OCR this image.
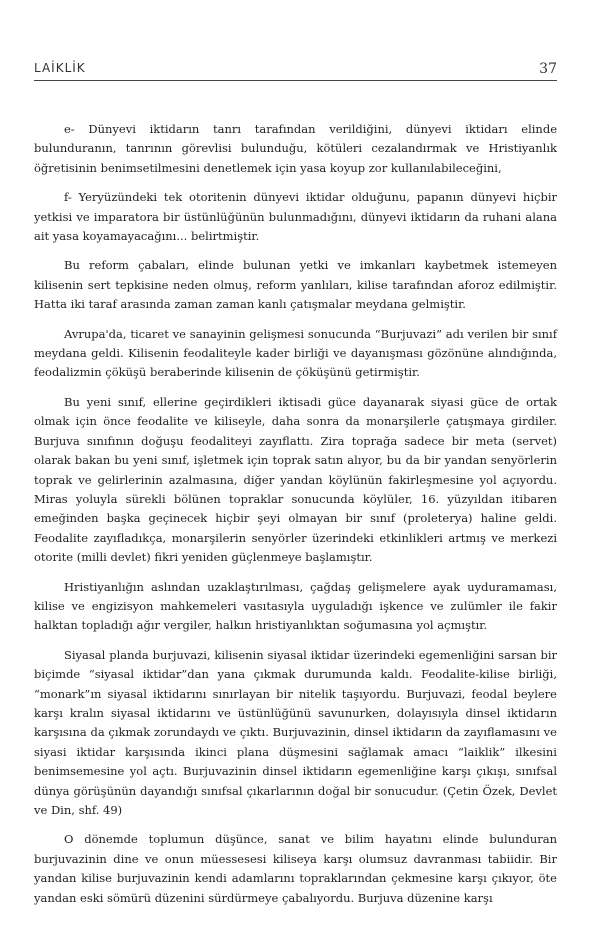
LAİKLİK	37

e- Dünyevi iktidarın tanrı tarafından verildiğini, dünyevi iktidarı elinde bulunduranın, tanrının görevlisi bulunduğu, kötüleri cezalandırmak ve Hristiyanlık öğretisinin benimsetilmesini denetlemek için yasa koyup zor kullanılabileceğini,

f- Yeryüzündeki tek otoritenin dünyevi iktidar olduğunu, papanın dünyevi hiçbir yetkisi ve imparatora bir üstünlüğünün bulunmadığını, dünyevi iktidarın da ruhani alana ait yasa koyamayacağını... belirtmiştir.

Bu reform çabaları, elinde bulunan yetki ve imkanları kaybetmek istemeyen kilisenin sert tepkisine neden olmuş, reform yanlıları, kilise tarafından aforoz edilmiştir. Hatta iki taraf arasında zaman zaman kanlı çatışmalar meydana gelmiştir.

Avrupa'da, ticaret ve sanayinin gelişmesi sonucunda “Burjuvazi” adı verilen bir sınıf meydana geldi. Kilisenin feodaliteyle kader birliği ve dayanışması gözönüne alındığında, feodalizmin çöküşü beraberinde kilisenin de çöküşünü getirmiştir.

Bu yeni sınıf, ellerine geçirdikleri iktisadi güce dayanarak siyasi güce de ortak olmak için önce feodalite ve kiliseyle, daha sonra da monarşilerle çatışmaya girdiler. Burjuva sınıfının doğuşu feodaliteyi zayıflattı. Zira toprağa sadece bir meta (servet) olarak bakan bu yeni sınıf, işletmek için toprak satın alıyor, bu da bir yandan senyörlerin toprak ve gelirlerinin azalmasına, diğer yandan köylünün fakirleşmesine yol açıyordu. Miras yoluyla sürekli bölünen topraklar sonucunda köylüler, 16. yüzyıldan itibaren emeğinden başka geçinecek hiçbir şeyi olmayan bir sınıf (proleterya) haline geldi. Feodalite zayıfladıkça, monarşilerin senyörler üzerindeki etkinlikleri artmış ve merkezi otorite (milli devlet) fikri yeniden güçlenmeye başlamıştır.

Hristiyanlığın aslından uzaklaştırılması, çağdaş gelişmelere ayak uyduramaması, kilise ve engizisyon mahkemeleri vasıtasıyla uyguladığı işkence ve zulümler ile fakir halktan topladığı ağır vergiler, halkın hristiyanlıktan soğumasına yol açmıştır.

Siyasal planda burjuvazi, kilisenin siyasal iktidar üzerindeki egemenliğini sarsan bir biçimde “siyasal iktidar”dan yana çıkmak durumunda kaldı. Feodalite-kilise birliği, “monark”ın siyasal iktidarını sınırlayan bir nitelik taşıyordu. Burjuvazi, feodal beylere karşı kralın siyasal iktidarını ve üstünlüğünü savunurken, dolayısıyla dinsel iktidarın karşısına da çıkmak zorundaydı ve çıktı. Burjuvazinin, dinsel iktidarın da zayıflamasını ve siyasi iktidar karşısında ikinci plana düşmesini sağlamak amacı “laiklik” ilkesini benimsemesine yol açtı. Burjuvazinin dinsel iktidarın egemenliğine karşı çıkışı, sınıfsal dünya görüşünün dayandığı sınıfsal çıkarlarının doğal bir sonucudur. (Çetin Özek, Devlet ve Din, shf. 49)

O dönemde toplumun düşünce, sanat ve bilim hayatını elinde bulunduran burjuvazinin dine ve onun müessesesi kiliseya karşı olumsuz davranması tabiidir. Bir yandan kilise burjuvazinin kendi adamlarını topraklarından çekmesine karşı çıkıyor, öte yandan eski sömürü düzenini sürdürmeye çabalıyordu. Burjuva düzenine karşı
